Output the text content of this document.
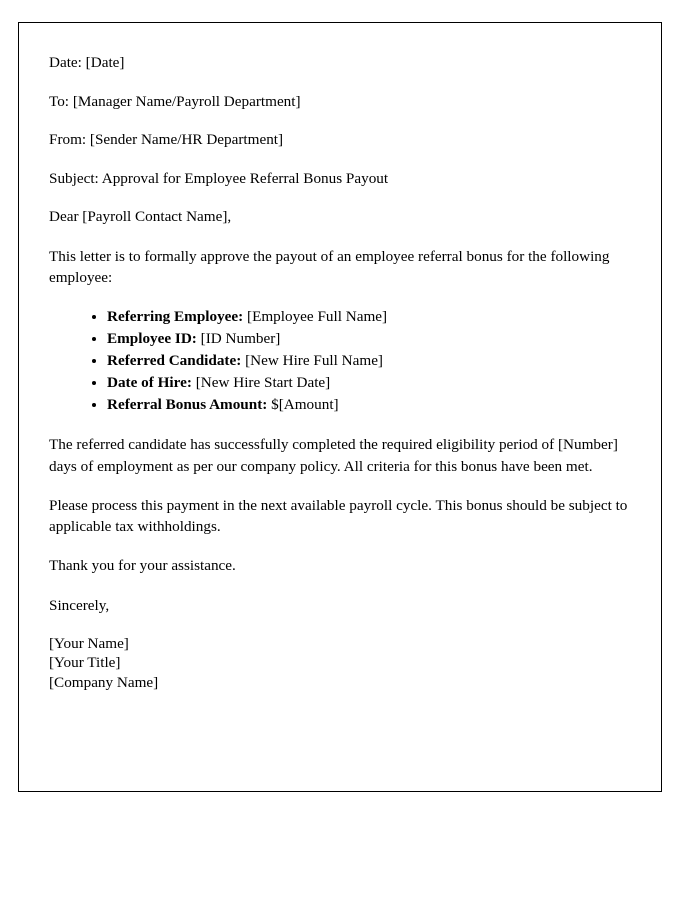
Date: [Date]

To: [Manager Name/Payroll Department]

From: [Sender Name/HR Department]

Subject: Approval for Employee Referral Bonus Payout

Dear [Payroll Contact Name],

This letter is to formally approve the payout of an employee referral bonus for the following employee:

• Referring Employee: [Employee Full Name]
• Employee ID: [ID Number]
• Referred Candidate: [New Hire Full Name]
• Date of Hire: [New Hire Start Date]
• Referral Bonus Amount: $[Amount]

The referred candidate has successfully completed the required eligibility period of [Number] days of employment as per our company policy. All criteria for this bonus have been met.

Please process this payment in the next available payroll cycle. This bonus should be subject to applicable tax withholdings.

Thank you for your assistance.

Sincerely,

[Your Name]
[Your Title]
[Company Name]
